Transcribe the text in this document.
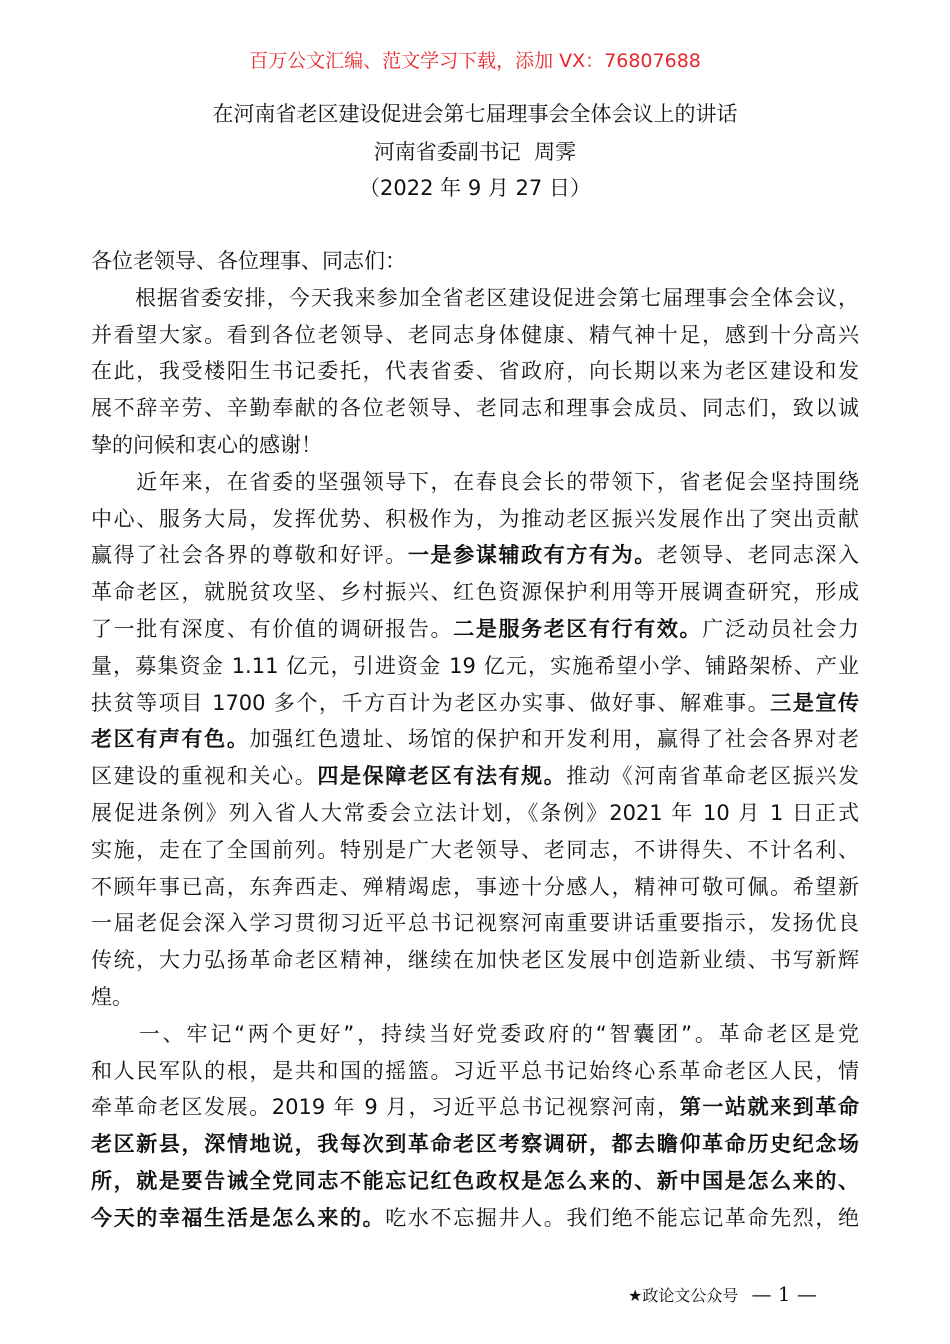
百万公文汇编、范文学习下载，添加 VX：76807688
在河南省老区建设促进会第七届理事会全体会议上的讲话
河南省委副书记  周霁
（2022 年 9 月 27 日）
各位老领导、各位理事、同志们：
　　根据省委安排，今天我来参加全省老区建设促进会第七届理事会全体会议，
并看望大家。看到各位老领导、老同志身体健康、精气神十足，感到十分高兴
在此，我受楼阳生书记委托，代表省委、省政府，向长期以来为老区建设和发
展不辞辛劳、辛勤奉献的各位老领导、老同志和理事会成员、同志们，致以诚
挚的问候和衷心的感谢！
　　近年来，在省委的坚强领导下，在春良会长的带领下，省老促会坚持围绕
中心、服务大局，发挥优势、积极作为，为推动老区振兴发展作出了突出贡献
赢得了社会各界的尊敬和好评。一是参谋辅政有方有为。老领导、老同志深入
革命老区，就脱贫攻坚、乡村振兴、红色资源保护利用等开展调查研究，形成
了一批有深度、有价值的调研报告。二是服务老区有行有效。广泛动员社会力
量，募集资金 1.11 亿元，引进资金 19 亿元，实施希望小学、铺路架桥、产业
扶贫等项目 1700 多个，千方百计为老区办实事、做好事、解难事。三是宣传
老区有声有色。加强红色遗址、场馆的保护和开发利用，赢得了社会各界对老
区建设的重视和关心。四是保障老区有法有规。推动《河南省革命老区振兴发
展促进条例》列入省人大常委会立法计划，《条例》2021 年 10 月 1 日正式
实施，走在了全国前列。特别是广大老领导、老同志，不讲得失、不计名利、
不顾年事已高，东奔西走、殚精竭虑，事迹十分感人，精神可敬可佩。希望新
一届老促会深入学习贯彻习近平总书记视察河南重要讲话重要指示，发扬优良
传统，大力弘扬革命老区精神，继续在加快老区发展中创造新业绩、书写新辉
煌。
　　一、牢记“两个更好”，持续当好党委政府的“智囊团”。革命老区是党
和人民军队的根，是共和国的摇篮。习近平总书记始终心系革命老区人民，情
牵革命老区发展。2019 年 9 月，习近平总书记视察河南，第一站就来到革命
老区新县，深情地说，我每次到革命老区考察调研，都去瞻仰革命历史纪念场
所，就是要告诫全党同志不能忘记红色政权是怎么来的、新中国是怎么来的、
今天的幸福生活是怎么来的。吃水不忘掘井人。我们绝不能忘记革命先烈，绝
★政论文公众号 — 1 —
